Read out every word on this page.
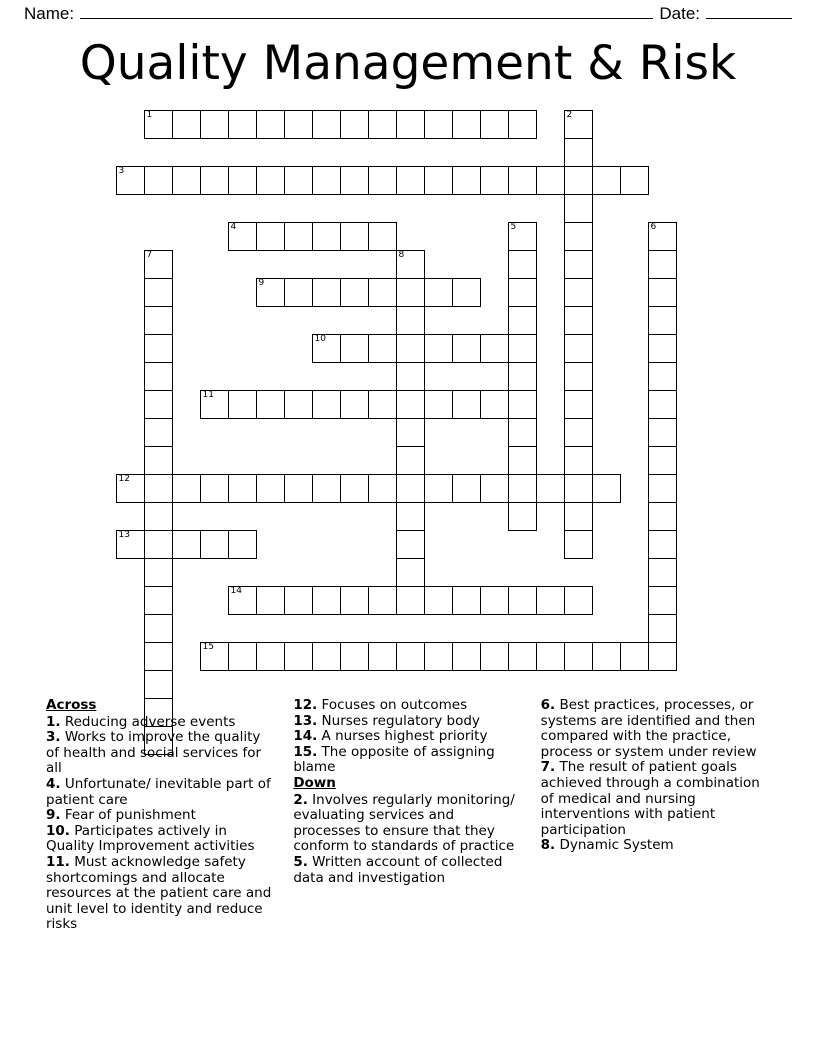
Name:	Date:
Quality Management & Risk
1	2
3
4	5	6
7	8
9
10
11
12
13
14
15
Across
1. Reducing adverse events
3. Works to improve the quality of health and social services for all
4. Unfortunate/ inevitable part of patient care
9. Fear of punishment
10. Participates actively in Quality Improvement activities
11. Must acknowledge safety shortcomings and allocate resources at the patient care and unit level to identity and reduce risks
12. Focuses on outcomes
13. Nurses regulatory body
14. A nurses highest priority
15. The opposite of assigning blame
Down
2. Involves regularly monitoring/ evaluating services and processes to ensure that they conform to standards of practice
5. Written account of collected data and investigation
6. Best practices, processes, or systems are identified and then compared with the practice, process or system under review
7. The result of patient goals achieved through a combination of medical and nursing interventions with patient participation
8. Dynamic System
